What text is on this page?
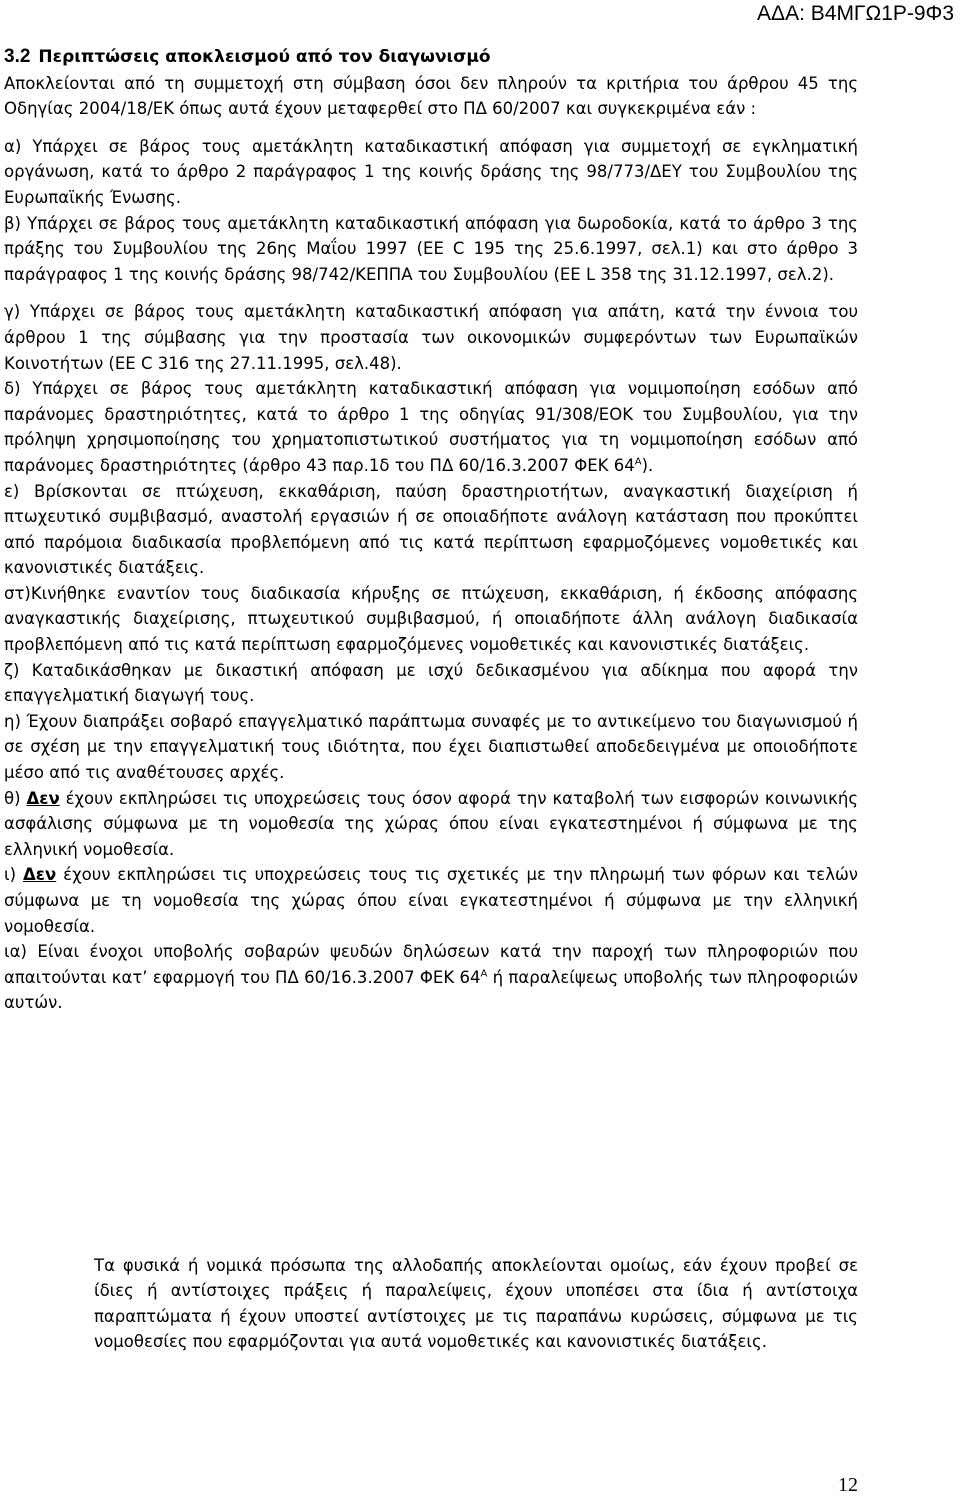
ΑΔΑ: Β4ΜΓΩ1Ρ-9Φ3
3.2 Περιπτώσεις αποκλεισμού από τον διαγωνισμό

Αποκλείονται από τη συμμετοχή στη σύμβαση όσοι δεν πληρούν τα κριτήρια του άρθρου 45 της Οδηγίας 2004/18/ΕΚ όπως αυτά έχουν μεταφερθεί στο ΠΔ 60/2007 και συγκεκριμένα εάν :

α) Υπάρχει σε βάρος τους αμετάκλητη καταδικαστική απόφαση για συμμετοχή σε εγκληματική οργάνωση, κατά το άρθρο 2 παράγραφος 1 της κοινής δράσης της 98/773/ΔΕΥ του Συμβουλίου της Ευρωπαϊκής Ένωσης.

β) Υπάρχει σε βάρος τους αμετάκλητη καταδικαστική απόφαση για δωροδοκία, κατά το άρθρο 3 της πράξης του Συμβουλίου της 26ης Μαΐου 1997 (ΕΕ C 195 της 25.6.1997, σελ.1) και στο άρθρο 3 παράγραφος 1 της κοινής δράσης 98/742/ΚΕΠΠΑ του Συμβουλίου (ΕΕ L 358 της 31.12.1997, σελ.2).

γ) Υπάρχει σε βάρος τους αμετάκλητη καταδικαστική απόφαση για απάτη, κατά την έννοια του άρθρου 1 της σύμβασης για την προστασία των οικονομικών συμφερόντων των Ευρωπαϊκών Κοινοτήτων (ΕΕ C 316 της 27.11.1995, σελ.48).

δ) Υπάρχει σε βάρος τους αμετάκλητη καταδικαστική απόφαση για νομιμοποίηση εσόδων από παράνομες δραστηριότητες, κατά το άρθρο 1 της οδηγίας 91/308/ΕΟΚ του Συμβουλίου, για την πρόληψη χρησιμοποίησης του χρηματοπιστωτικού συστήματος για τη νομιμοποίηση εσόδων από παράνομες δραστηριότητες (άρθρο 43 παρ.1δ του ΠΔ 60/16.3.2007 ΦΕΚ $64^A$).

ε) Βρίσκονται σε πτώχευση, εκκαθάριση, παύση δραστηριοτήτων, αναγκαστική διαχείριση ή πτωχευτικό συμβιβασμό, αναστολή εργασιών ή σε οποιαδήποτε ανάλογη κατάσταση που προκύπτει από παρόμοια διαδικασία προβλεπόμενη από τις κατά περίπτωση εφαρμοζόμενες νομοθετικές και κανονιστικές διατάξεις.

στ)Κινήθηκε εναντίον τους διαδικασία κήρυξης σε πτώχευση, εκκαθάριση, ή έκδοσης απόφασης αναγκαστικής διαχείρισης, πτωχευτικού συμβιβασμού, ή οποιαδήποτε άλλη ανάλογη διαδικασία προβλεπόμενη από τις κατά περίπτωση εφαρμοζόμενες νομοθετικές και κανονιστικές διατάξεις.

ζ) Καταδικάσθηκαν με δικαστική απόφαση με ισχύ δεδικασμένου για αδίκημα που αφορά την επαγγελματική διαγωγή τους.

η) Έχουν διαπράξει σοβαρό επαγγελματικό παράπτωμα συναφές με το αντικείμενο του διαγωνισμού ή σε σχέση με την επαγγελματική τους ιδιότητα, που έχει διαπιστωθεί αποδεδειγμένα με οποιοδήποτε μέσο από τις αναθέτουσες αρχές.

θ) Δεν έχουν εκπληρώσει τις υποχρεώσεις τους όσον αφορά την καταβολή των εισφορών κοινωνικής ασφάλισης σύμφωνα με τη νομοθεσία της χώρας όπου είναι εγκατεστημένοι ή σύμφωνα με της ελληνική νομοθεσία.

ι) Δεν έχουν εκπληρώσει τις υποχρεώσεις τους τις σχετικές με την πληρωμή των φόρων και τελών σύμφωνα με τη νομοθεσία της χώρας όπου είναι εγκατεστημένοι ή σύμφωνα με την ελληνική νομοθεσία.

ια) Είναι ένοχοι υποβολής σοβαρών ψευδών δηλώσεων κατά την παροχή των πληροφοριών που απαιτούνται κατ’ εφαρμογή του ΠΔ 60/16.3.2007 ΦΕΚ $64^A$ ή παραλείψεως υποβολής των πληροφοριών αυτών.

Τα φυσικά ή νομικά πρόσωπα της αλλοδαπής αποκλείονται ομοίως, εάν έχουν προβεί σε ίδιες ή αντίστοιχες πράξεις ή παραλείψεις, έχουν υποπέσει στα ίδια ή αντίστοιχα παραπτώματα ή έχουν υποστεί αντίστοιχες με τις παραπάνω κυρώσεις, σύμφωνα με τις νομοθεσίες που εφαρμόζονται για αυτά νομοθετικές και κανονιστικές διατάξεις.

12
